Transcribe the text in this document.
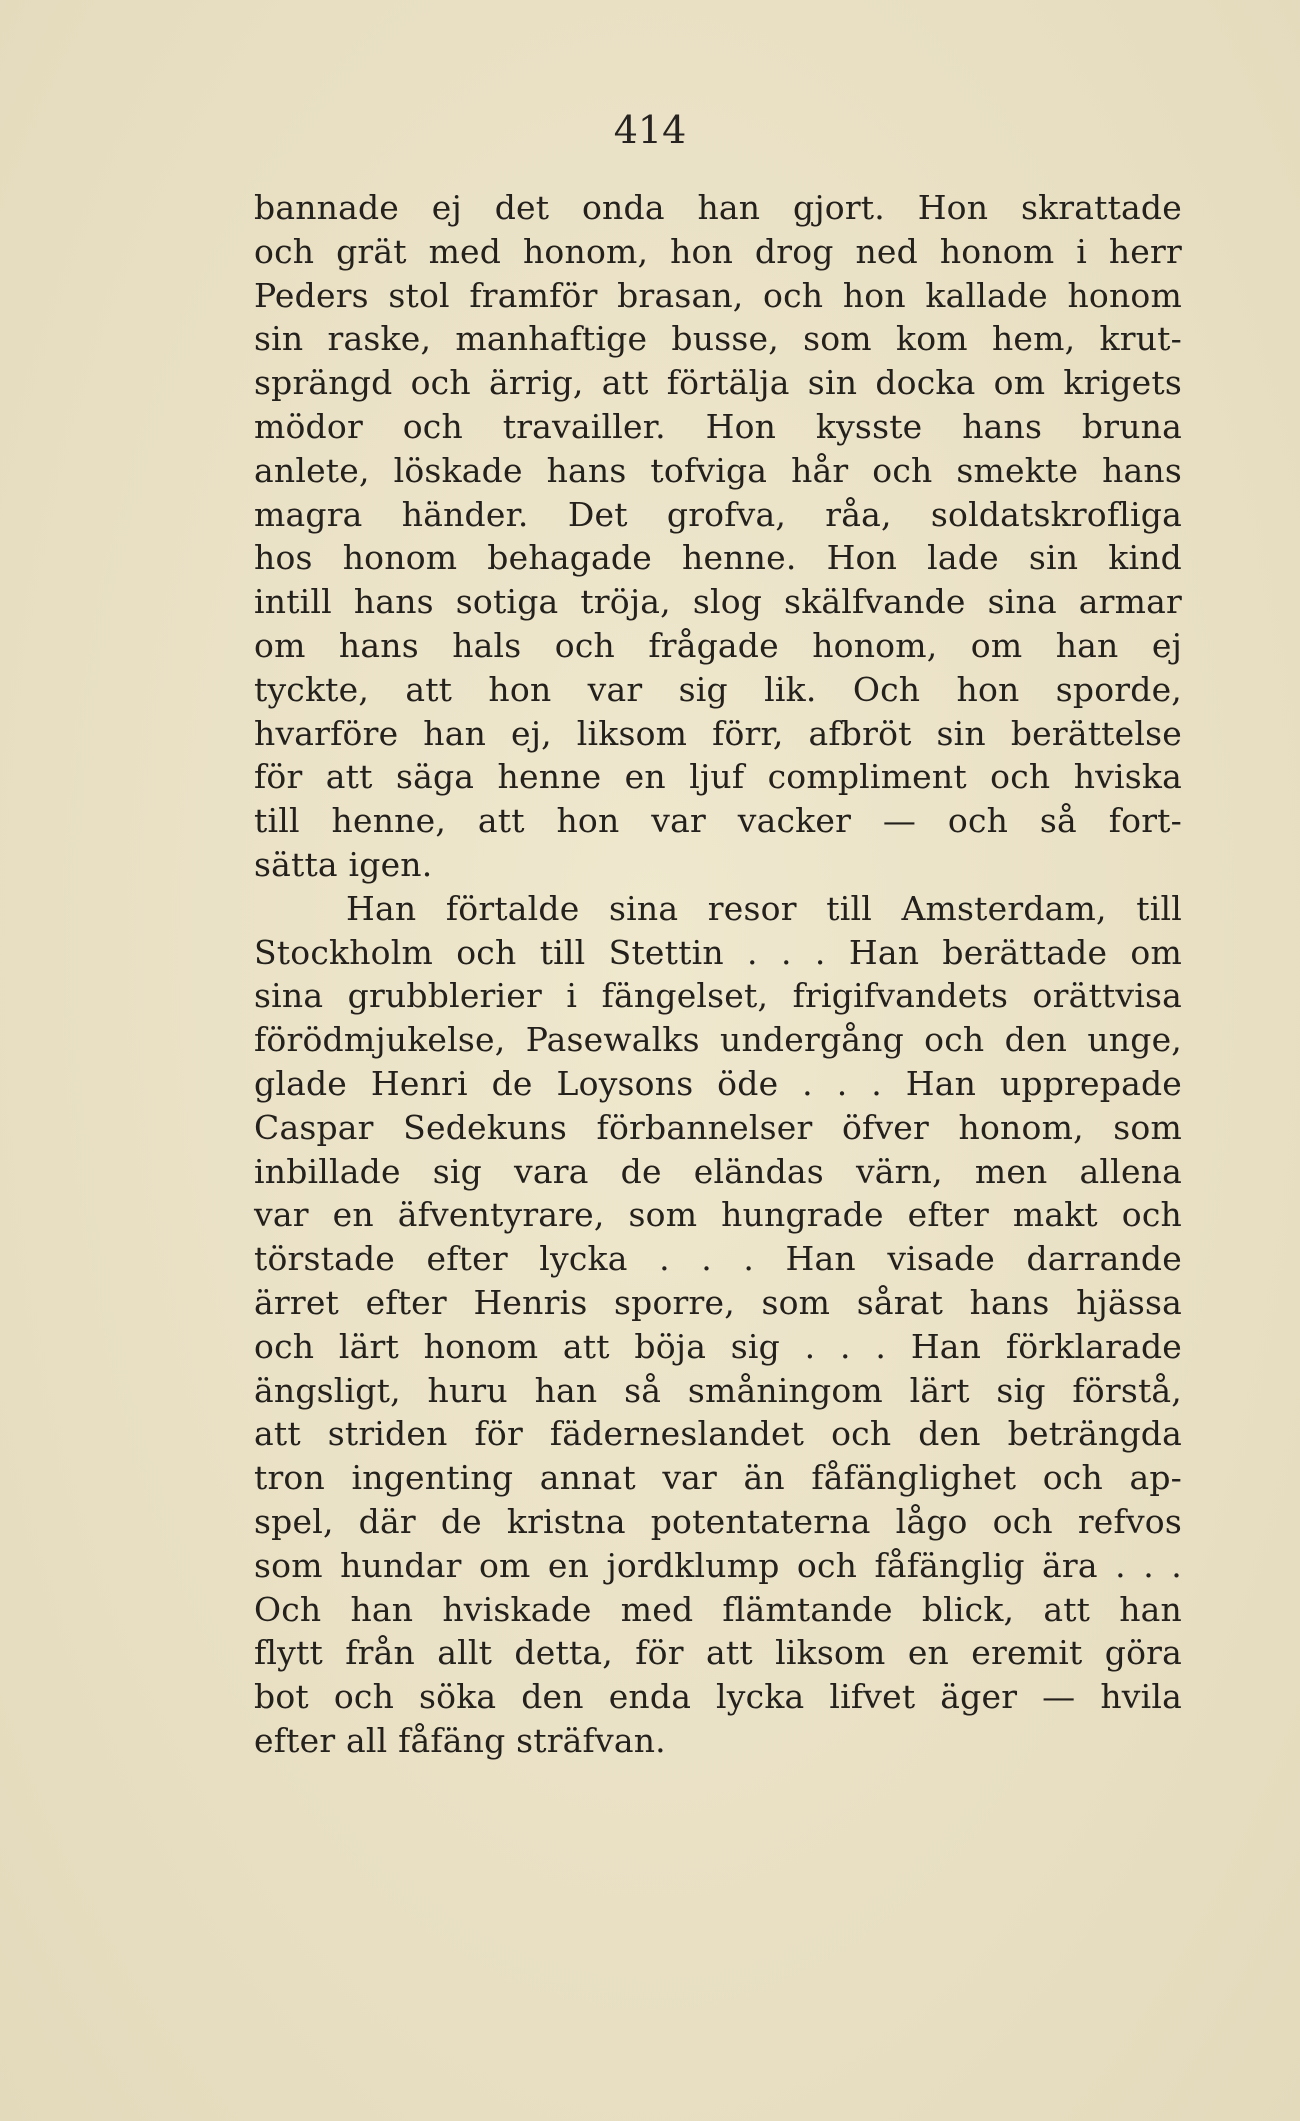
414
bannade ej det onda han gjort. Hon skrattade
och grät med honom, hon drog ned honom i herr
Peders stol framför brasan, och hon kallade honom
sin raske, manhaftige busse, som kom hem, krut-
sprängd och ärrig, att förtälja sin docka om krigets
mödor och travailler. Hon kysste hans bruna
anlete, löskade hans tofviga hår och smekte hans
magra händer. Det grofva, råa, soldatskrofliga
hos honom behagade henne. Hon lade sin kind
intill hans sotiga tröja, slog skälfvande sina armar
om hans hals och frågade honom, om han ej
tyckte, att hon var sig lik. Och hon sporde,
hvarföre han ej, liksom förr, afbröt sin berättelse
för att säga henne en ljuf compliment och hviska
till henne, att hon var vacker — och så fort-
sätta igen.
Han förtalde sina resor till Amsterdam, till
Stockholm och till Stettin . . . Han berättade om
sina grubblerier i fängelset, frigifvandets orättvisa
förödmjukelse, Pasewalks undergång och den unge,
glade Henri de Loysons öde . . . Han upprepade
Caspar Sedekuns förbannelser öfver honom, som
inbillade sig vara de eländas värn, men allena
var en äfventyrare, som hungrade efter makt och
törstade efter lycka . . . Han visade darrande
ärret efter Henris sporre, som sårat hans hjässa
och lärt honom att böja sig . . . Han förklarade
ängsligt, huru han så småningom lärt sig förstå,
att striden för fäderneslandet och den beträngda
tron ingenting annat var än fåfänglighet och ap-
spel, där de kristna potentaterna lågo och refvos
som hundar om en jordklump och fåfänglig ära . . .
Och han hviskade med flämtande blick, att han
flytt från allt detta, för att liksom en eremit göra
bot och söka den enda lycka lifvet äger — hvila
efter all fåfäng sträfvan.
